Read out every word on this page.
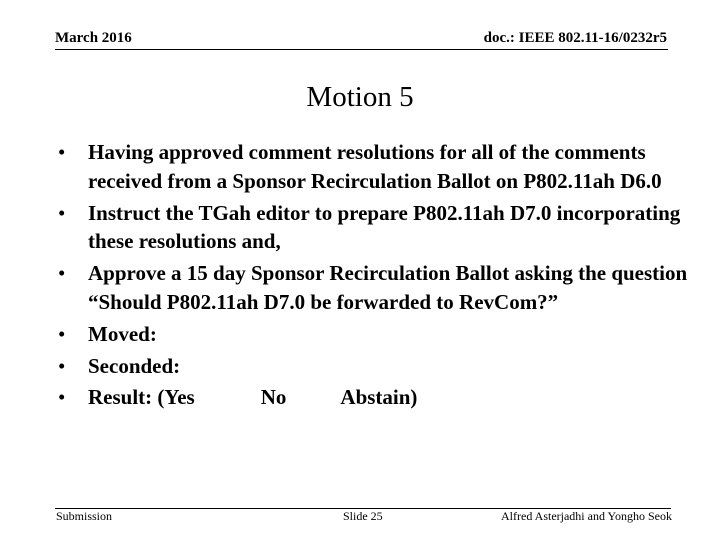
March 2016	doc.: IEEE 802.11-16/0232r5
Motion 5
• Having approved comment resolutions for all of the comments received from a Sponsor Recirculation Ballot on P802.11ah D6.0
• Instruct the TGah editor to prepare P802.11ah D7.0 incorporating these resolutions and,
• Approve a 15 day Sponsor Recirculation Ballot asking the question “Should P802.11ah D7.0 be forwarded to RevCom?”
• Moved:
• Seconded:
• Result: (Yes	No	Abstain)
Submission	Slide 25	Alfred Asterjadhi and Yongho Seok
